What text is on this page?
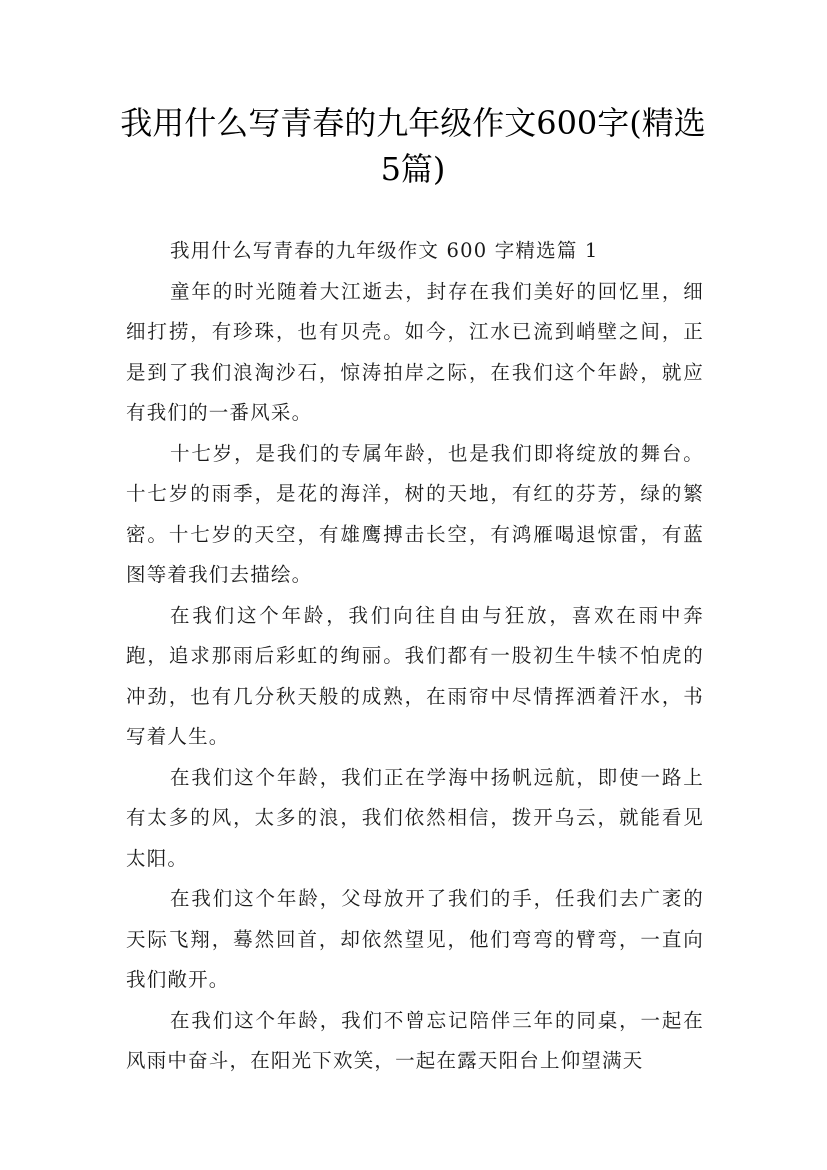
我用什么写青春的九年级作文600字(精选
5篇)

我用什么写青春的九年级作文 600 字精选篇 1

童年的时光随着大江逝去，封存在我们美好的回忆里，细细打捞，有珍珠，也有贝壳。如今，江水已流到峭壁之间，正是到了我们浪淘沙石，惊涛拍岸之际，在我们这个年龄，就应有我们的一番风采。

十七岁，是我们的专属年龄，也是我们即将绽放的舞台。十七岁的雨季，是花的海洋，树的天地，有红的芬芳，绿的繁密。十七岁的天空，有雄鹰搏击长空，有鸿雁喝退惊雷，有蓝图等着我们去描绘。

在我们这个年龄，我们向往自由与狂放，喜欢在雨中奔跑，追求那雨后彩虹的绚丽。我们都有一股初生牛犊不怕虎的冲劲，也有几分秋天般的成熟，在雨帘中尽情挥洒着汗水，书写着人生。

在我们这个年龄，我们正在学海中扬帆远航，即使一路上有太多的风，太多的浪，我们依然相信，拨开乌云，就能看见太阳。

在我们这个年龄，父母放开了我们的手，任我们去广袤的天际飞翔，蓦然回首，却依然望见，他们弯弯的臂弯，一直向我们敞开。

在我们这个年龄，我们不曾忘记陪伴三年的同桌，一起在风雨中奋斗，在阳光下欢笑，一起在露天阳台上仰望满天
